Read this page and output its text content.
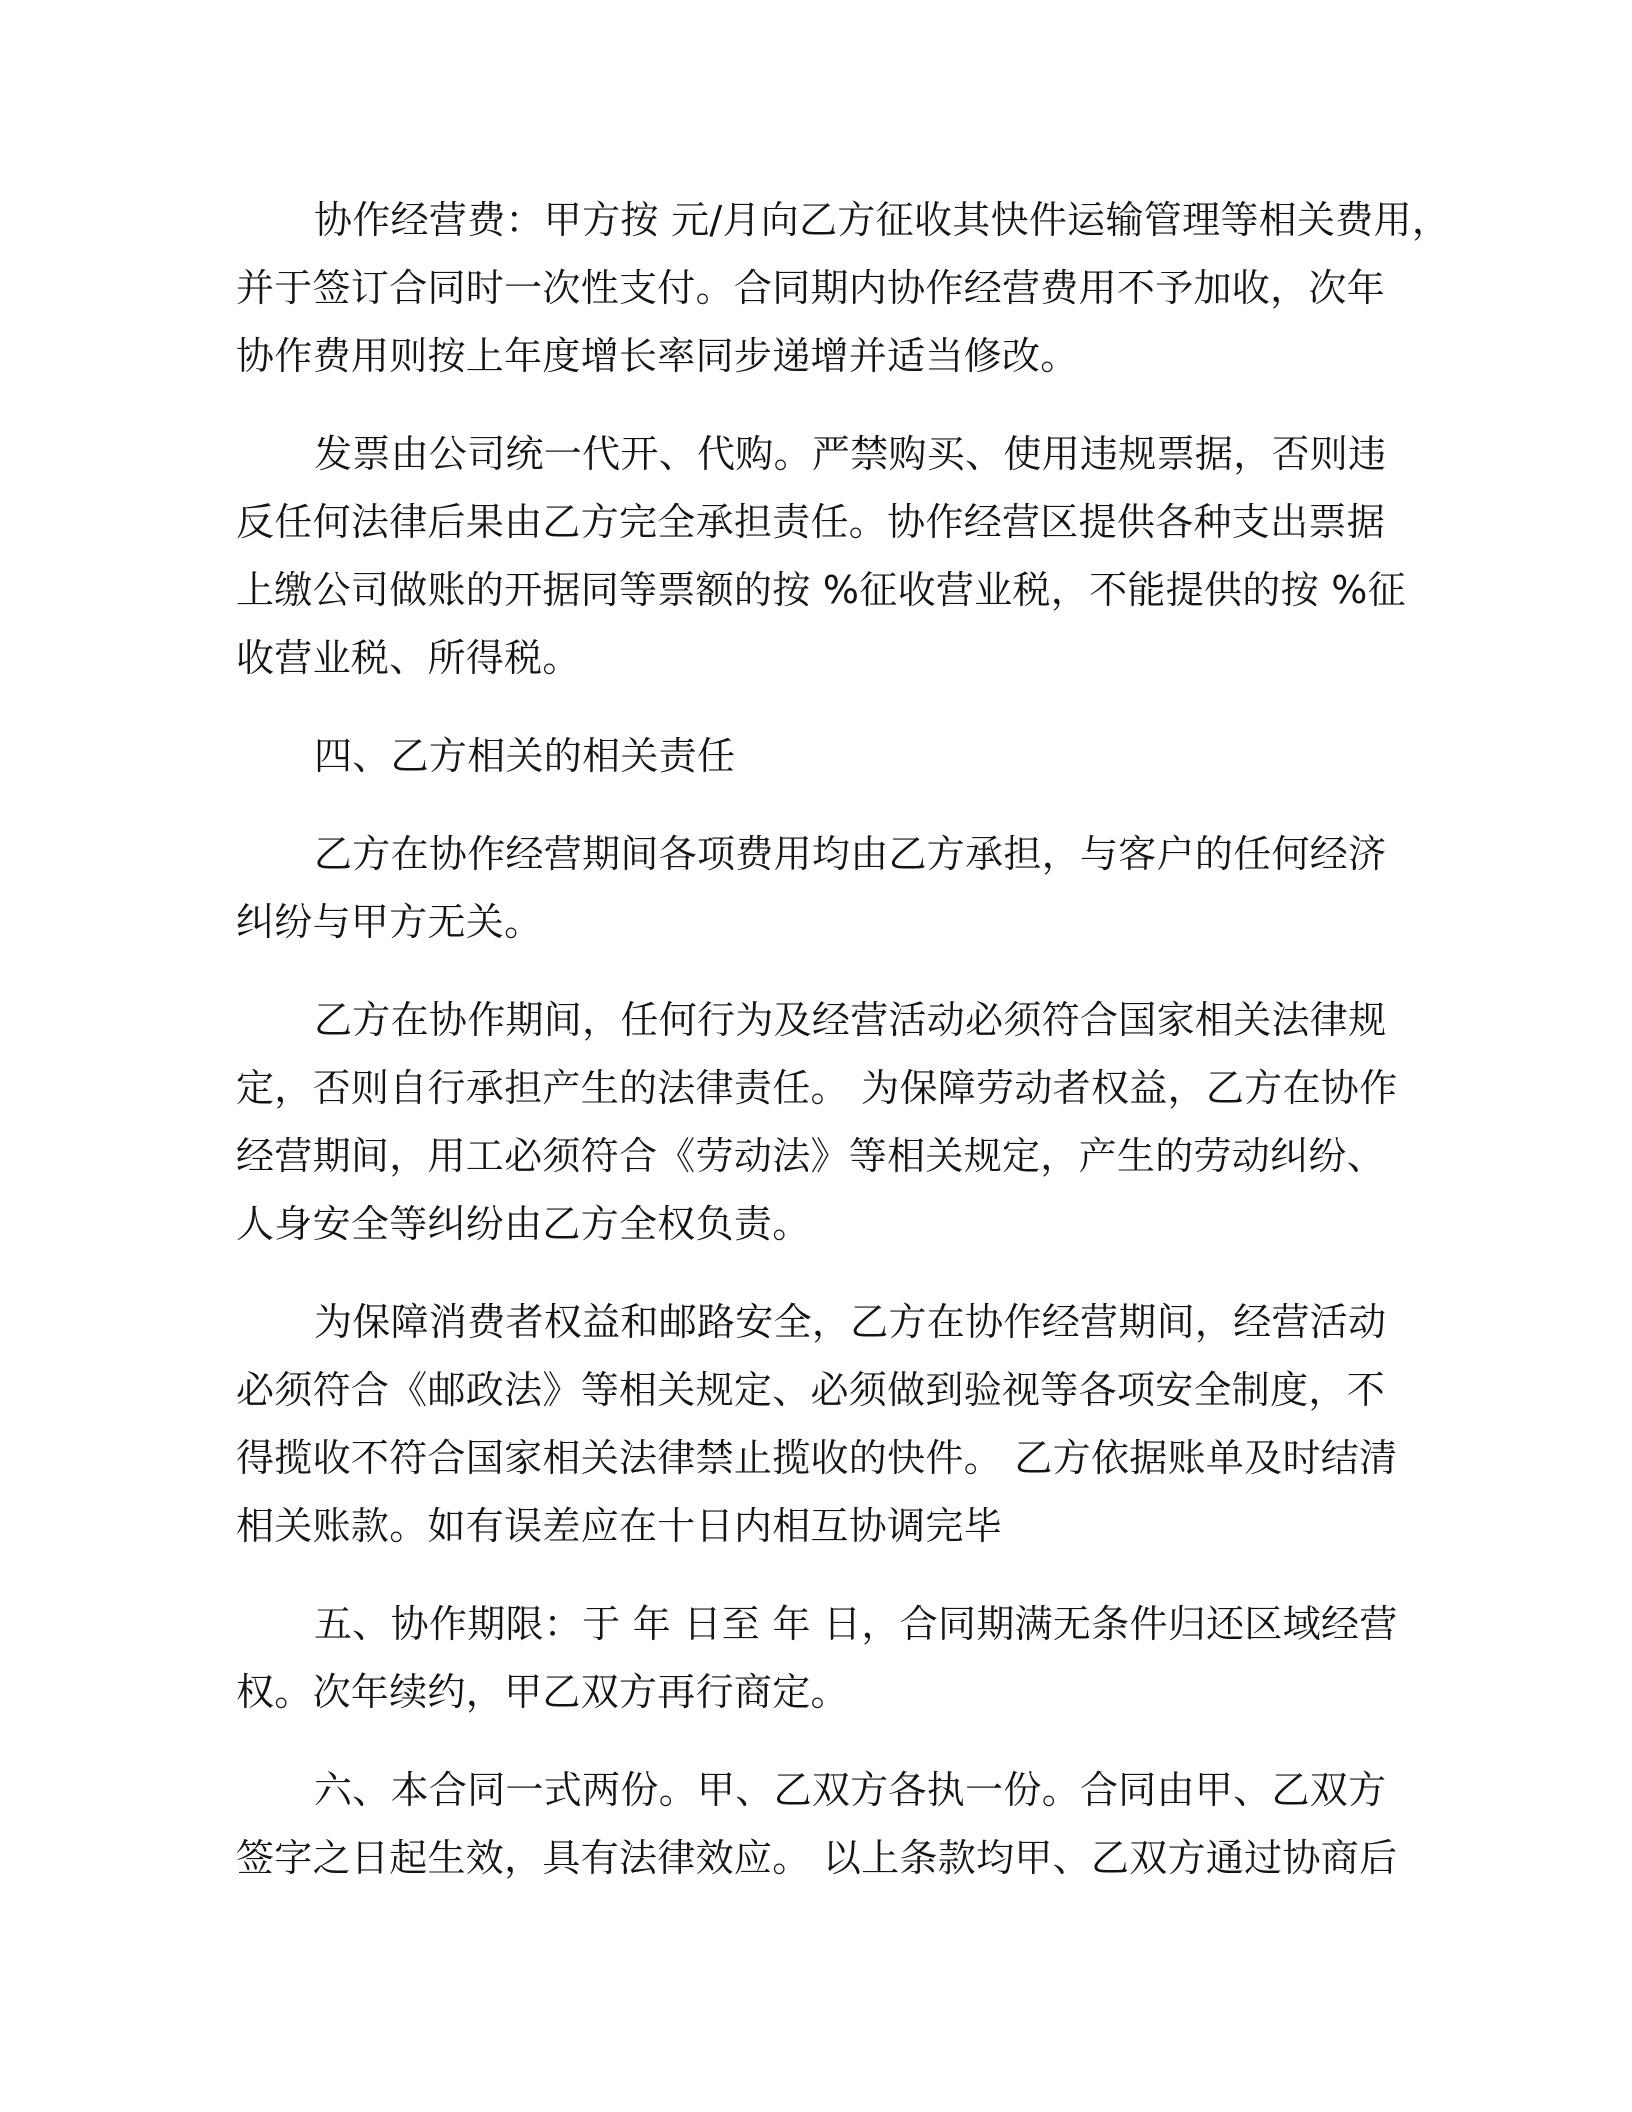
协作经营费：甲方按 元/月向乙方征收其快件运输管理等相关费用，
并于签订合同时一次性支付。合同期内协作经营费用不予加收，次年
协作费用则按上年度增长率同步递增并适当修改。
发票由公司统一代开、代购。严禁购买、使用违规票据，否则违
反任何法律后果由乙方完全承担责任。协作经营区提供各种支出票据
上缴公司做账的开据同等票额的按 %征收营业税，不能提供的按 %征
收营业税、所得税。
四、乙方相关的相关责任
乙方在协作经营期间各项费用均由乙方承担，与客户的任何经济
纠纷与甲方无关。
乙方在协作期间，任何行为及经营活动必须符合国家相关法律规
定，否则自行承担产生的法律责任。 为保障劳动者权益，乙方在协作
经营期间，用工必须符合《劳动法》等相关规定，产生的劳动纠纷、
人身安全等纠纷由乙方全权负责。
为保障消费者权益和邮路安全，乙方在协作经营期间，经营活动
必须符合《邮政法》等相关规定、必须做到验视等各项安全制度，不
得揽收不符合国家相关法律禁止揽收的快件。 乙方依据账单及时结清
相关账款。如有误差应在十日内相互协调完毕
五、协作期限：于 年 日至 年 日，合同期满无条件归还区域经营
权。次年续约，甲乙双方再行商定。
六、本合同一式两份。甲、乙双方各执一份。合同由甲、乙双方
签字之日起生效，具有法律效应。 以上条款均甲、乙双方通过协商后
